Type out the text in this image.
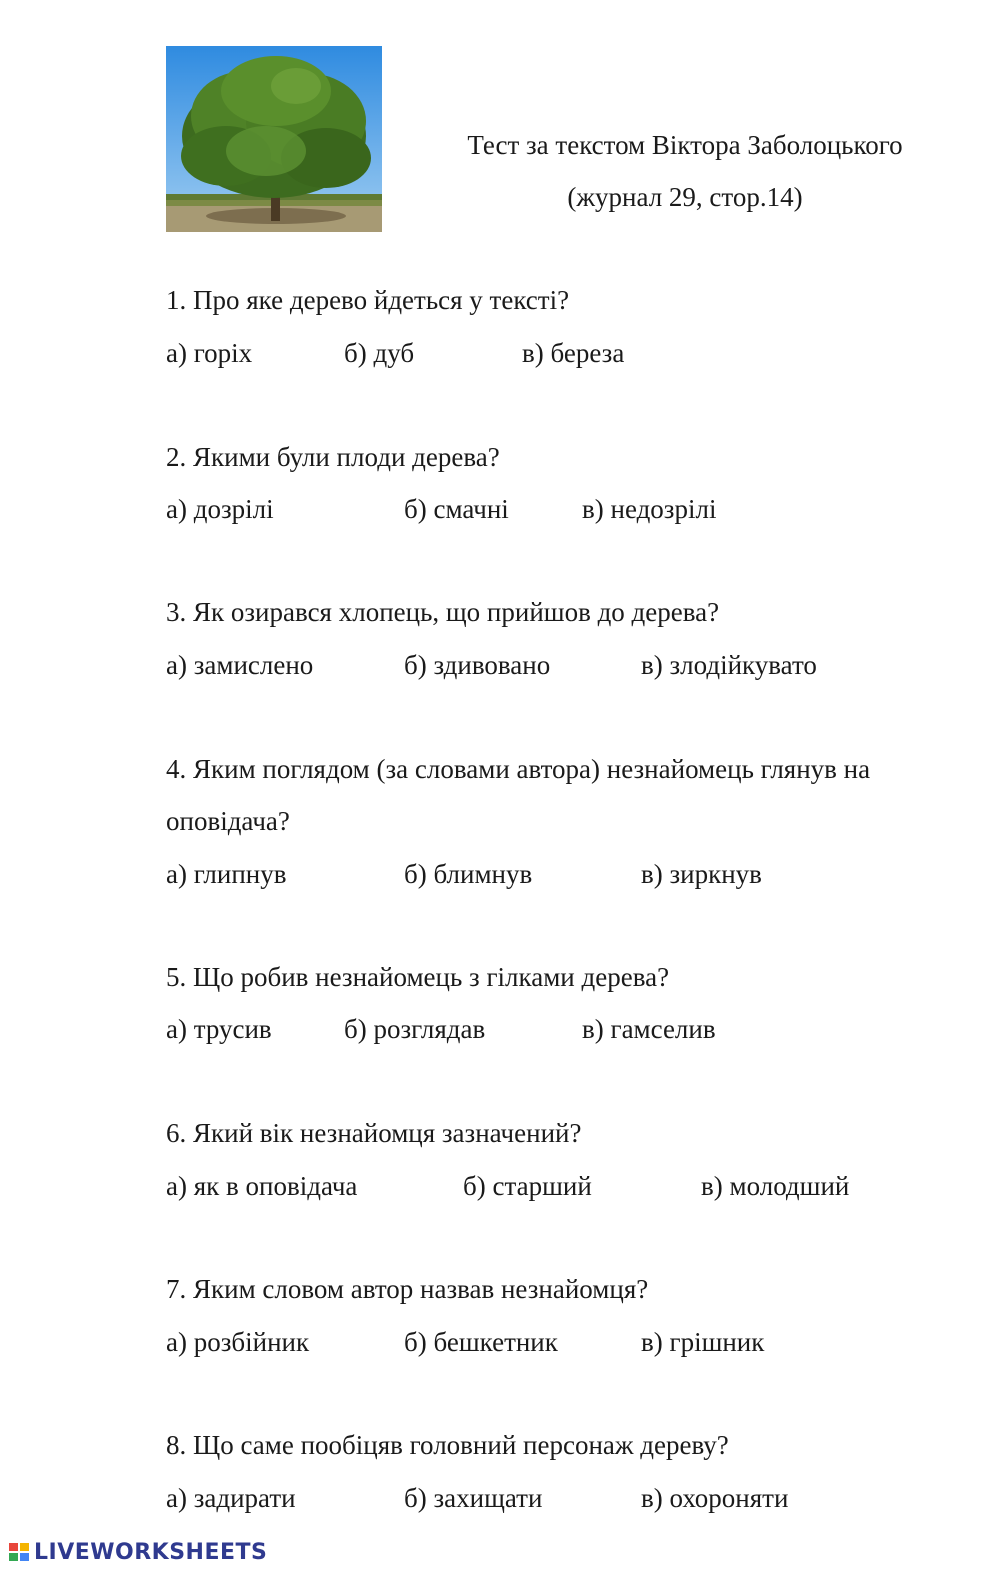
Тест за текстом Віктора Заболоцького
(журнал 29, стор.14)
1. Про яке дерево йдеться у тексті?
а) горіх	б) дуб	в) береза
2. Якими були плоди дерева?
а) дозрілі	б) смачні	в) недозрілі
3. Як озирався хлопець, що прийшов до дерева?
а) замислено	б) здивовано	в) злодійкувато
4. Яким поглядом (за словами автора) незнайомець глянув на
оповідача?
а) глипнув	б) блимнув	в) зиркнув
5. Що робив незнайомець з гілками дерева?
а) трусив	б) розглядав	в) гамселив
6. Який вік незнайомця зазначений?
а) як в оповідача	б) старший	в) молодший
7. Яким словом автор назвав незнайомця?
а) розбійник	б) бешкетник	в) грішник
8. Що саме пообіцяв головний персонаж дереву?
а) задирати	б) захищати	в) охороняти
LIVEWORKSHEETS
